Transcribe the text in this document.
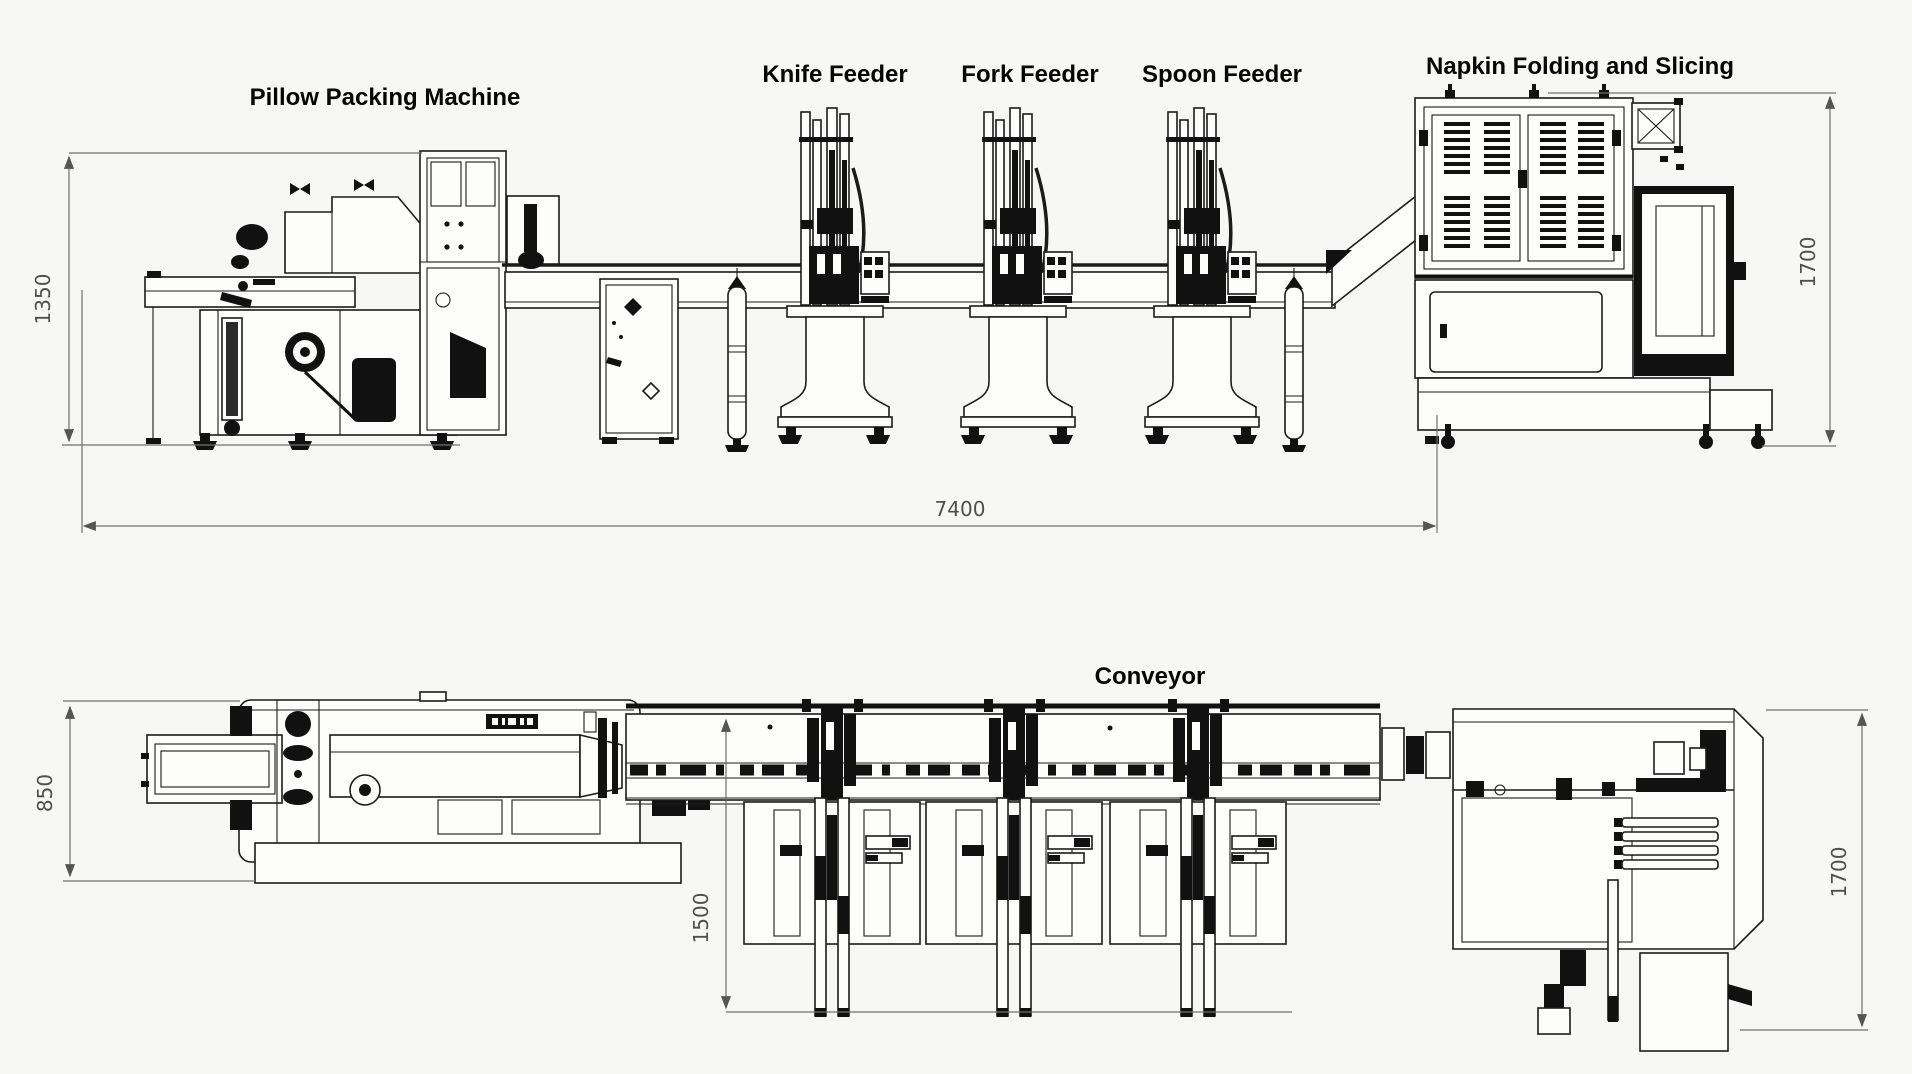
Pillow Packing Machine
Knife Feeder Fork Feeder Spoon Feeder	Napkin Folding and Slicing
1350
7400
1700
Conveyor
850
1500
1700
